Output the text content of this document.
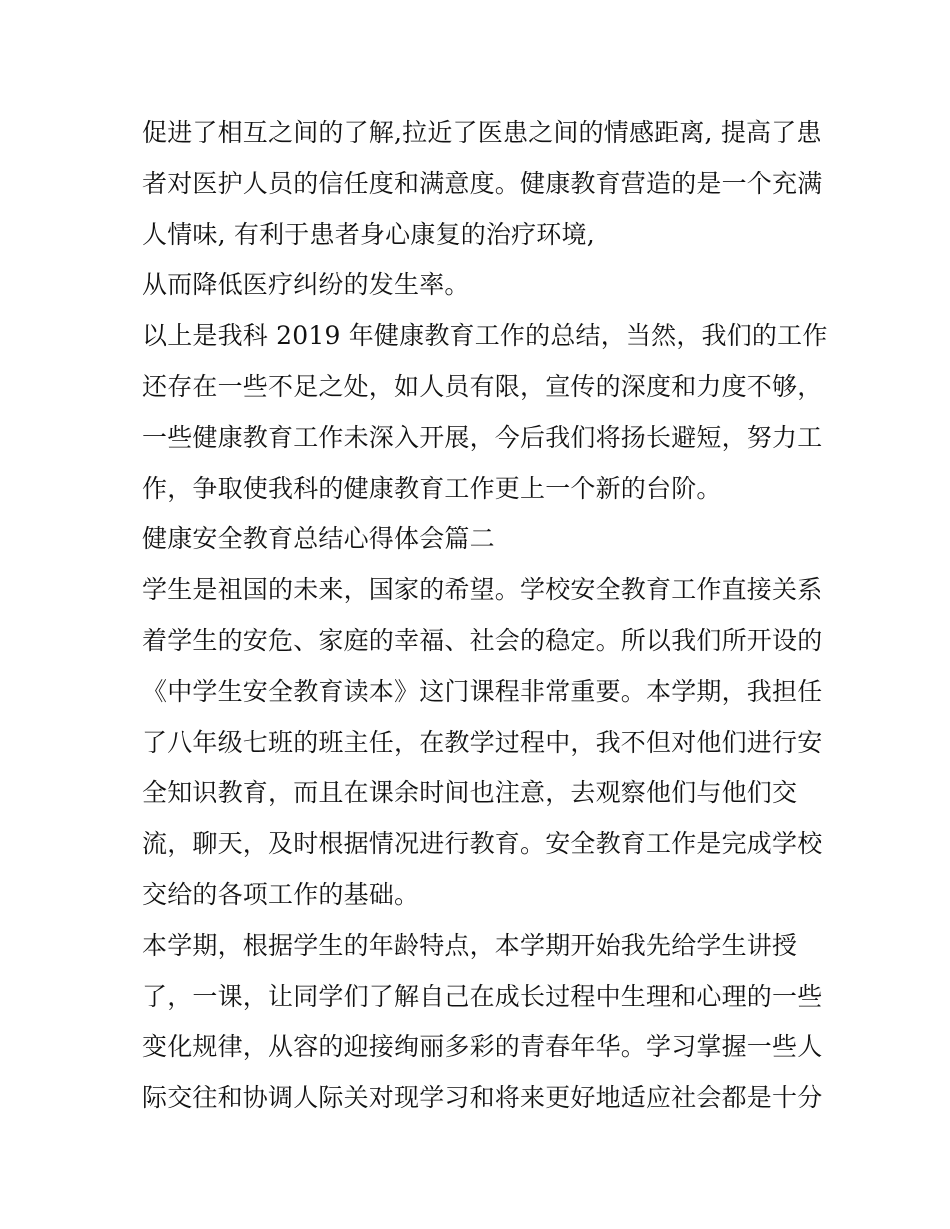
促进了相互之间的了解,拉近了医患之间的情感距离, 提高了患
者对医护人员的信任度和满意度。健康教育营造的是一个充满
人情味, 有利于患者身心康复的治疗环境,
从而降低医疗纠纷的发生率。
以上是我科 2019 年健康教育工作的总结，当然，我们的工作
还存在一些不足之处，如人员有限，宣传的深度和力度不够，
一些健康教育工作未深入开展，今后我们将扬长避短，努力工
作，争取使我科的健康教育工作更上一个新的台阶。
健康安全教育总结心得体会篇二
学生是祖国的未来，国家的希望。学校安全教育工作直接关系
着学生的安危、家庭的幸福、社会的稳定。所以我们所开设的
《中学生安全教育读本》这门课程非常重要。本学期，我担任
了八年级七班的班主任，在教学过程中，我不但对他们进行安
全知识教育，而且在课余时间也注意，去观察他们与他们交
流，聊天，及时根据情况进行教育。安全教育工作是完成学校
交给的各项工作的基础。
本学期，根据学生的年龄特点，本学期开始我先给学生讲授
了，一课，让同学们了解自己在成长过程中生理和心理的一些
变化规律，从容的迎接绚丽多彩的青春年华。学习掌握一些人
际交往和协调人际关对现学习和将来更好地适应社会都是十分
